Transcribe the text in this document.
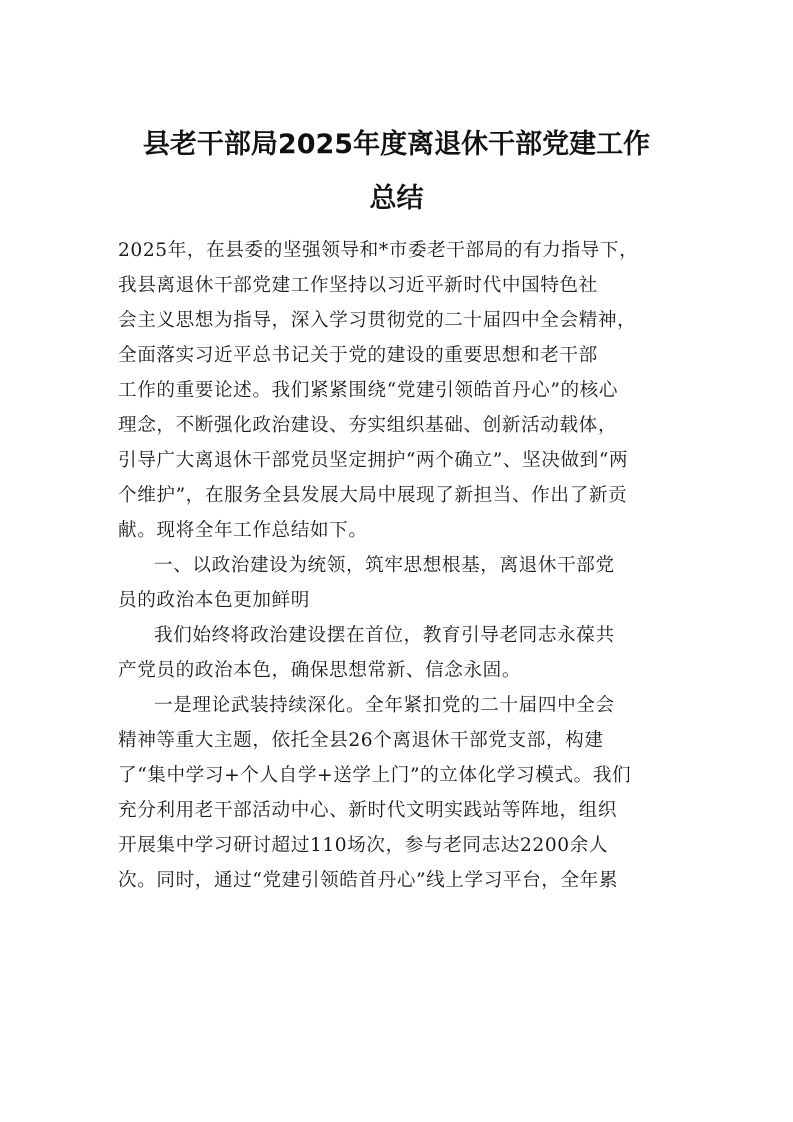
县老干部局2025年度离退休干部党建工作
总结
2025年，在县委的坚强领导和*市委老干部局的有力指导下，
我县离退休干部党建工作坚持以习近平新时代中国特色社
会主义思想为指导，深入学习贯彻党的二十届四中全会精神，
全面落实习近平总书记关于党的建设的重要思想和老干部
工作的重要论述。我们紧紧围绕“党建引领皓首丹心”的核心
理念，不断强化政治建设、夯实组织基础、创新活动载体，
引导广大离退休干部党员坚定拥护“两个确立”、坚决做到“两
个维护”，在服务全县发展大局中展现了新担当、作出了新贡
献。现将全年工作总结如下。
一、以政治建设为统领，筑牢思想根基，离退休干部党
员的政治本色更加鲜明
我们始终将政治建设摆在首位，教育引导老同志永葆共
产党员的政治本色，确保思想常新、信念永固。
一是理论武装持续深化。全年紧扣党的二十届四中全会
精神等重大主题，依托全县26个离退休干部党支部，构建
了“集中学习+个人自学+送学上门”的立体化学习模式。我们
充分利用老干部活动中心、新时代文明实践站等阵地，组织
开展集中学习研讨超过110场次，参与老同志达2200余人
次。同时，通过“党建引领皓首丹心”线上学习平台，全年累
